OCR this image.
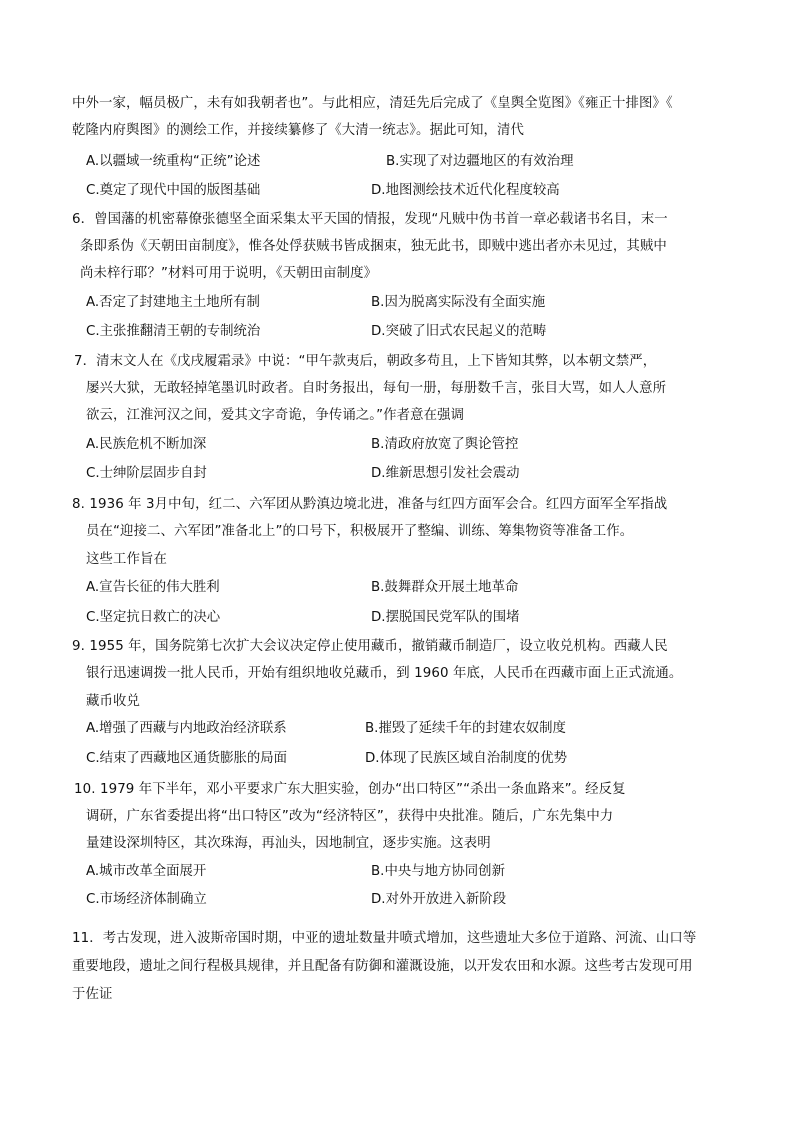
中外一家，幅员极广，未有如我朝者也”。与此相应，清廷先后完成了《皇舆全览图》《雍正十排图》《
乾隆内府舆图》的测绘工作，并接续纂修了《大清一统志》。据此可知，清代
A.以疆域一统重构“正统”论述	B.实现了对边疆地区的有效治理
C.奠定了现代中国的版图基础	D.地图测绘技术近代化程度较高
6．曾国藩的机密幕僚张德坚全面采集太平天国的情报，发现“凡贼中伪书首一章必载诸书名目，末一
条即系伪《天朝田亩制度》，惟各处俘获贼书皆成捆束，独无此书，即贼中逃出者亦未见过，其贼中
尚未梓行耶？”材料可用于说明，《天朝田亩制度》
A.否定了封建地主土地所有制	B.因为脱离实际没有全面实施
C.主张推翻清王朝的专制统治	D.突破了旧式农民起义的范畴
7．清末文人在《戊戌履霜录》中说：“甲午款夷后，朝政多苟且，上下皆知其弊，以本朝文禁严，
屡兴大狱，无敢轻掉笔墨讥时政者。自时务报出，每旬一册，每册数千言，张目大骂，如人人意所
欲云，江淮河汉之间，爱其文字奇诡，争传诵之。”作者意在强调
A.民族危机不断加深	B.清政府放宽了舆论管控
C.士绅阶层固步自封	D.维新思想引发社会震动
8. 1936 年 3月中旬，红二、六军团从黔滇边境北进，准备与红四方面军会合。红四方面军全军指战
员在“迎接二、六军团”准备北上”的口号下，积极展开了整编、训练、筹集物资等准备工作。
这些工作旨在
A.宣告长征的伟大胜利	B.鼓舞群众开展土地革命
C.坚定抗日救亡的决心	D.摆脱国民党军队的围堵
9. 1955 年，国务院第七次扩大会议决定停止使用藏币，撤销藏币制造厂，设立收兑机构。西藏人民
银行迅速调拨一批人民币，开始有组织地收兑藏币，到 1960 年底，人民币在西藏市面上正式流通。
藏币收兑
A.增强了西藏与内地政治经济联系	B.摧毁了延续千年的封建农奴制度
C.结束了西藏地区通货膨胀的局面	D.体现了民族区域自治制度的优势
10. 1979 年下半年，邓小平要求广东大胆实验，创办“出口特区”“杀出一条血路来”。经反复
调研，广东省委提出将“出口特区”改为“经济特区”，获得中央批准。随后，广东先集中力
量建设深圳特区，其次珠海，再汕头，因地制宜，逐步实施。这表明
A.城市改革全面展开	B.中央与地方协同创新
C.市场经济体制确立	D.对外开放进入新阶段
11．考古发现，进入波斯帝国时期，中亚的遗址数量井喷式增加，这些遗址大多位于道路、河流、山口等
重要地段，遗址之间行程极具规律，并且配备有防御和灌溉设施，以开发农田和水源。这些考古发现可用
于佐证
